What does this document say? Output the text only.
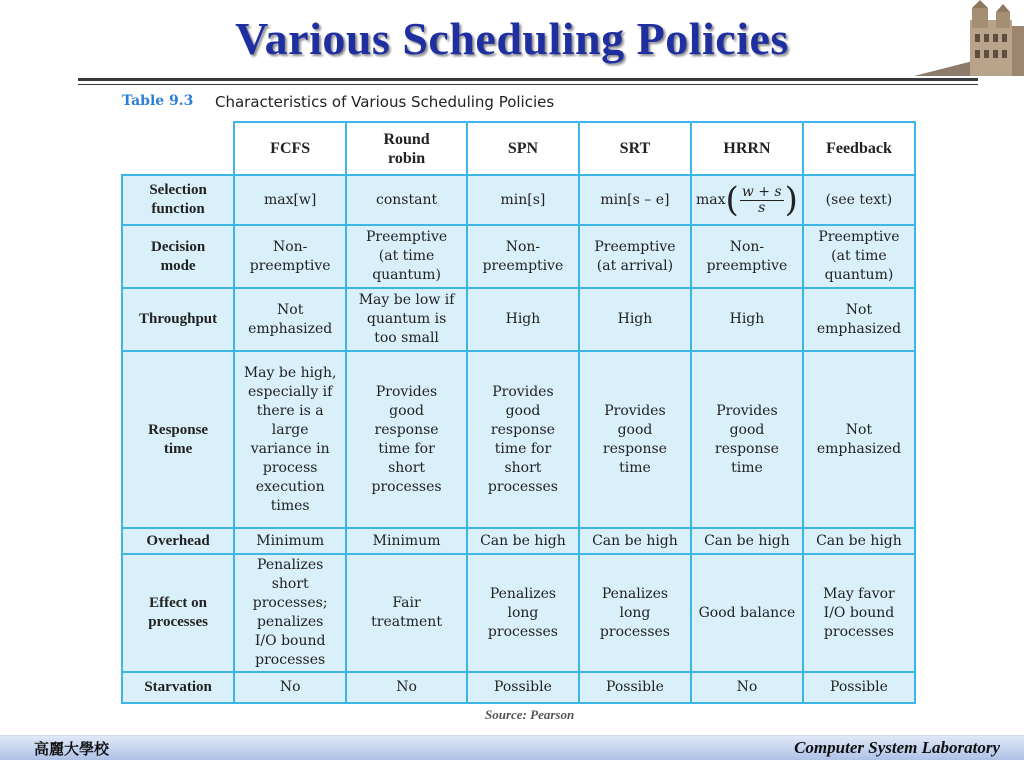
Various Scheduling Policies
Table 9.3 Characteristics of Various Scheduling Policies
	FCFS	Round robin	SPN	SRT	HRRN	Feedback
Selection function	max[w]	constant	min[s]	min[s – e]	max ( $\frac{w + s}{s}$ )	(see text)
Decision mode	Non-preemptive	Preemptive (at time quantum)	Non-preemptive	Preemptive (at arrival)	Non-preemptive	Preemptive (at time quantum)
Throughput	Not emphasized	May be low if quantum is too small	High	High	High	Not emphasized
Response time	May be high, especially if there is a large variance in process execution times	Provides good response time for short processes	Provides good response time for short processes	Provides good response time	Provides good response time	Not emphasized
Overhead	Minimum	Minimum	Can be high	Can be high	Can be high	Can be high
Effect on processes	Penalizes short processes; penalizes I/O bound processes	Fair treatment	Penalizes long processes	Penalizes long processes	Good balance	May favor I/O bound processes
Starvation	No	No	Possible	Possible	No	Possible
Source: Pearson
高麗大學校	Computer System Laboratory
